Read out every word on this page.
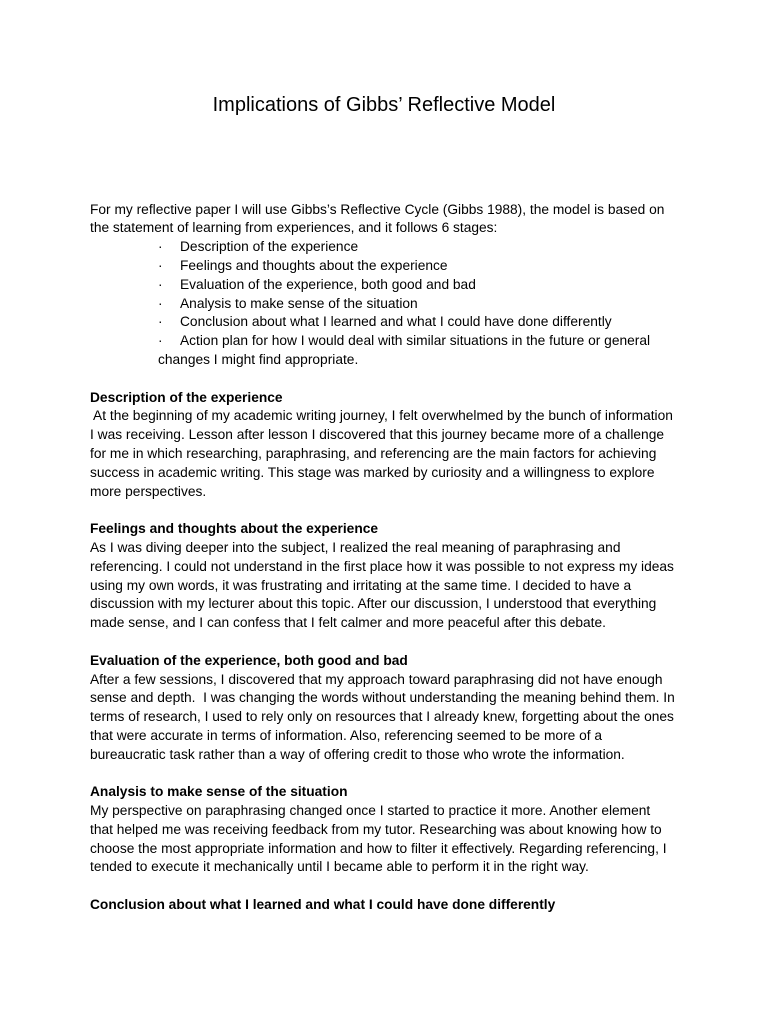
Implications of Gibbs’ Reflective Model
For my reflective paper I will use Gibbs’s Reflective Cycle (Gibbs 1988), the model is based on
the statement of learning from experiences, and it follows 6 stages:
· Description of the experience
· Feelings and thoughts about the experience
· Evaluation of the experience, both good and bad
· Analysis to make sense of the situation
· Conclusion about what I learned and what I could have done differently
· Action plan for how I would deal with similar situations in the future or general
changes I might find appropriate.
Description of the experience
At the beginning of my academic writing journey, I felt overwhelmed by the bunch of information
I was receiving. Lesson after lesson I discovered that this journey became more of a challenge
for me in which researching, paraphrasing, and referencing are the main factors for achieving
success in academic writing. This stage was marked by curiosity and a willingness to explore
more perspectives.
Feelings and thoughts about the experience
As I was diving deeper into the subject, I realized the real meaning of paraphrasing and
referencing. I could not understand in the first place how it was possible to not express my ideas
using my own words, it was frustrating and irritating at the same time. I decided to have a
discussion with my lecturer about this topic. After our discussion, I understood that everything
made sense, and I can confess that I felt calmer and more peaceful after this debate.
Evaluation of the experience, both good and bad
After a few sessions, I discovered that my approach toward paraphrasing did not have enough
sense and depth.  I was changing the words without understanding the meaning behind them. In
terms of research, I used to rely only on resources that I already knew, forgetting about the ones
that were accurate in terms of information. Also, referencing seemed to be more of a
bureaucratic task rather than a way of offering credit to those who wrote the information.
Analysis to make sense of the situation
My perspective on paraphrasing changed once I started to practice it more. Another element
that helped me was receiving feedback from my tutor. Researching was about knowing how to
choose the most appropriate information and how to filter it effectively. Regarding referencing, I
tended to execute it mechanically until I became able to perform it in the right way.
Conclusion about what I learned and what I could have done differently
